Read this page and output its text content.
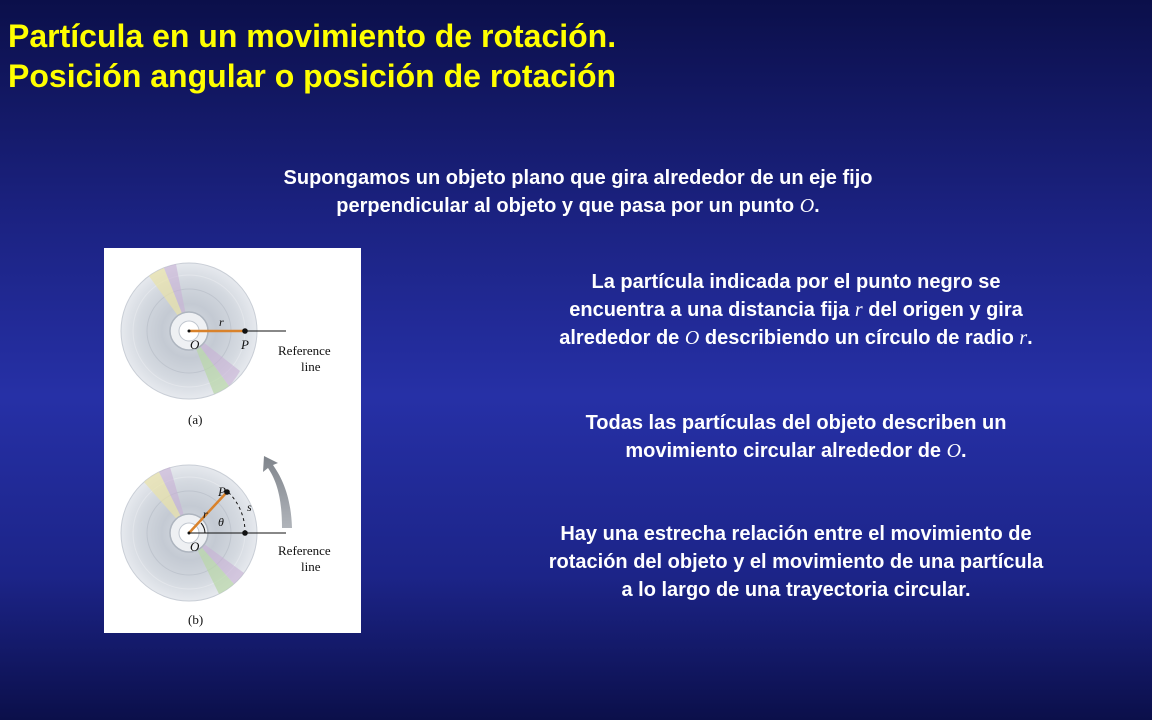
Partícula en un movimiento de rotación.
Posición angular o posición de rotación

Supongamos un objeto plano que gira alrededor de un eje fijo
perpendicular al objeto y que pasa por un punto O.

La partícula indicada por el punto negro se
encuentra a una distancia fija r del origen y gira
alrededor de O describiendo un círculo de radio r.

Todas las partículas del objeto describen un
movimiento circular alrededor de O.

Hay una estrecha relación entre el movimiento de
rotación del objeto y el movimiento de una partícula
a lo largo de una trayectoria circular.

r
O	P Reference
line
(a)
P
s
r
θ
O	Reference
line
(b)
